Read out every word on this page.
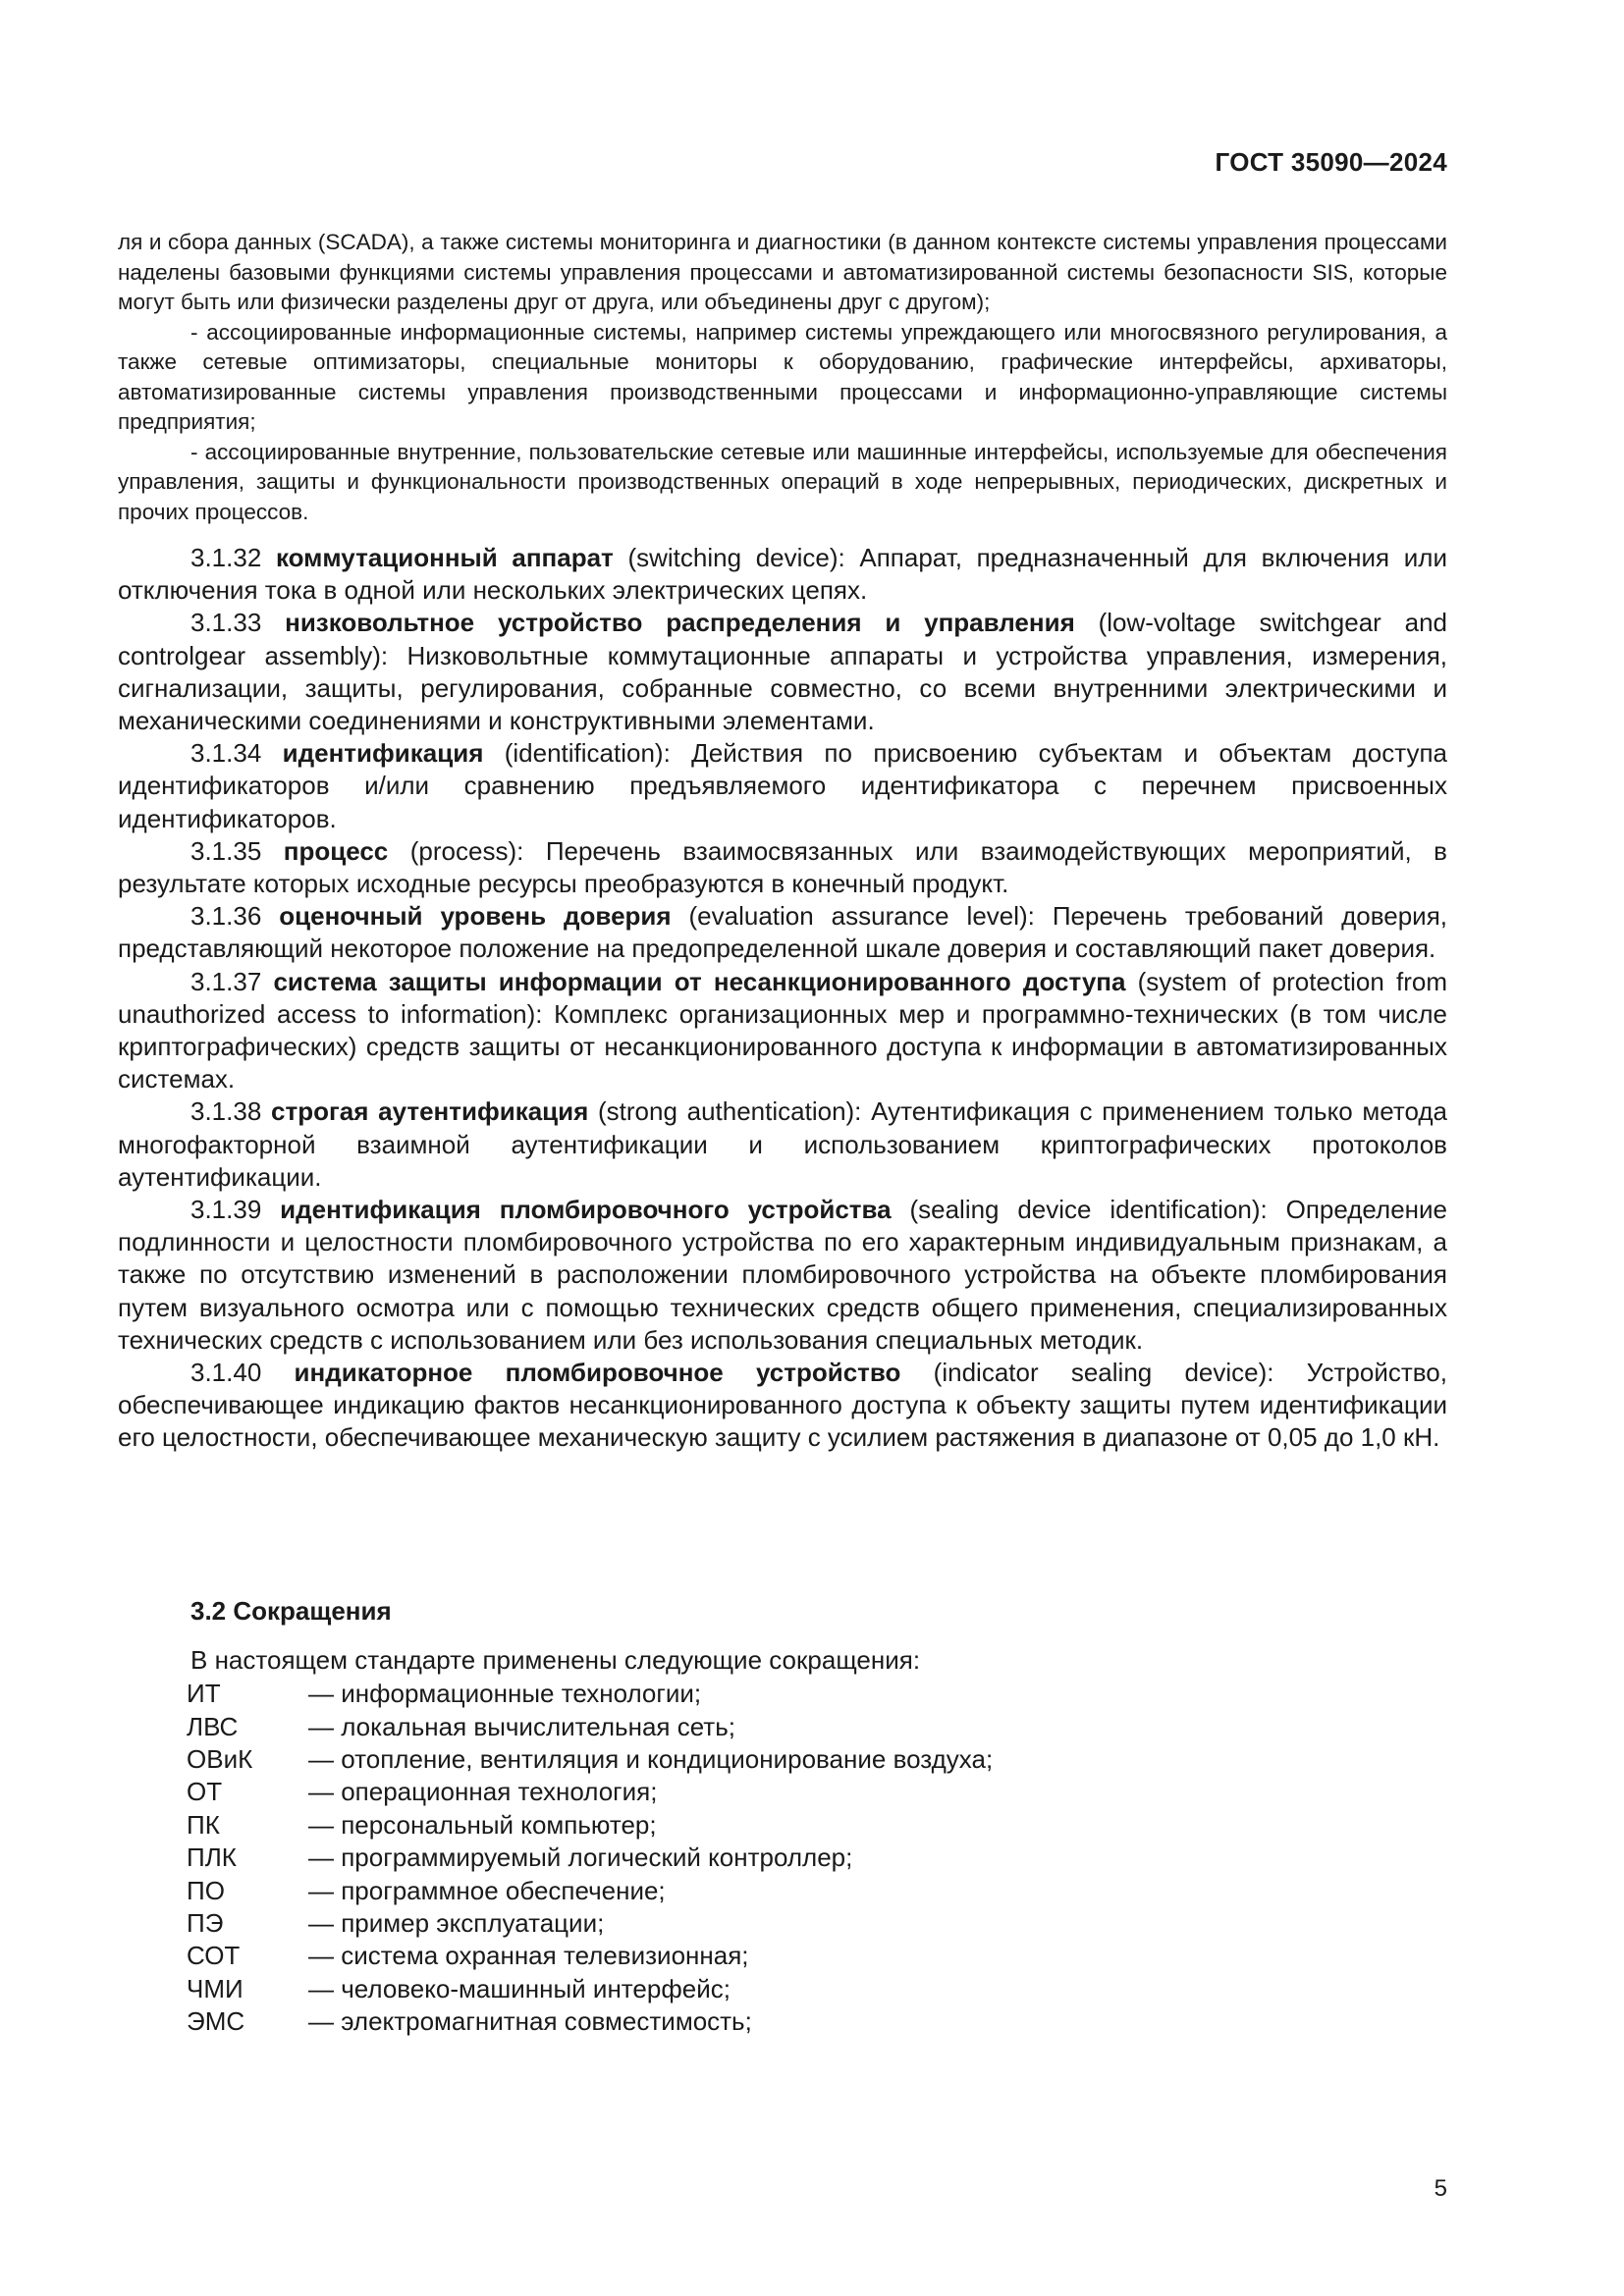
ГОСТ 35090—2024

ля и сбора данных (SCADA), а также системы мониторинга и диагностики (в данном контексте системы управления процессами наделены базовыми функциями системы управления процессами и автоматизированной системы безопасности SIS, которые могут быть или физически разделены друг от друга, или объединены друг с другом);

- ассоциированные информационные системы, например системы упреждающего или многосвязного регулирования, а также сетевые оптимизаторы, специальные мониторы к оборудованию, графические интерфейсы, архиваторы, автоматизированные системы управления производственными процессами и информационно-управляющие системы предприятия;

- ассоциированные внутренние, пользовательские сетевые или машинные интерфейсы, используемые для обеспечения управления, защиты и функциональности производственных операций в ходе непрерывных, периодических, дискретных и прочих процессов.

3.1.32 коммутационный аппарат (switching device): Аппарат, предназначенный для включения или отключения тока в одной или нескольких электрических цепях.

3.1.33 низковольтное устройство распределения и управления (low-voltage switchgear and controlgear assembly): Низковольтные коммутационные аппараты и устройства управления, измерения, сигнализации, защиты, регулирования, собранные совместно, со всеми внутренними электрическими и механическими соединениями и конструктивными элементами.

3.1.34 идентификация (identification): Действия по присвоению субъектам и объектам доступа идентификаторов и/или сравнению предъявляемого идентификатора с перечнем присвоенных идентификаторов.

3.1.35 процесс (process): Перечень взаимосвязанных или взаимодействующих мероприятий, в результате которых исходные ресурсы преобразуются в конечный продукт.

3.1.36 оценочный уровень доверия (evaluation assurance level): Перечень требований доверия, представляющий некоторое положение на предопределенной шкале доверия и составляющий пакет доверия.

3.1.37 система защиты информации от несанкционированного доступа (system of protection from unauthorized access to information): Комплекс организационных мер и программно-технических (в том числе криптографических) средств защиты от несанкционированного доступа к информации в автоматизированных системах.

3.1.38 строгая аутентификация (strong authentication): Аутентификация с применением только метода многофакторной взаимной аутентификации и использованием криптографических протоколов аутентификации.

3.1.39 идентификация пломбировочного устройства (sealing device identification): Определение подлинности и целостности пломбировочного устройства по его характерным индивидуальным признакам, а также по отсутствию изменений в расположении пломбировочного устройства на объекте пломбирования путем визуального осмотра или с помощью технических средств общего применения, специализированных технических средств с использованием или без использования специальных методик.

3.1.40 индикаторное пломбировочное устройство (indicator sealing device): Устройство, обеспечивающее индикацию фактов несанкционированного доступа к объекту защиты путем идентификации его целостности, обеспечивающее механическую защиту с усилием растяжения в диапазоне от 0,05 до 1,0 кН.

3.2 Сокращения
В настоящем стандарте применены следующие сокращения:
ИТ	— информационные технологии;
ЛВС	— локальная вычислительная сеть;
ОВиК	— отопление, вентиляция и кондиционирование воздуха;
ОТ	— операционная технология;
ПК	— персональный компьютер;
ПЛК	— программируемый логический контроллер;
ПО	— программное обеспечение;
ПЭ	— пример эксплуатации;
СОТ	— система охранная телевизионная;
ЧМИ	— человеко-машинный интерфейс;
ЭМС	— электромагнитная совместимость;
5
